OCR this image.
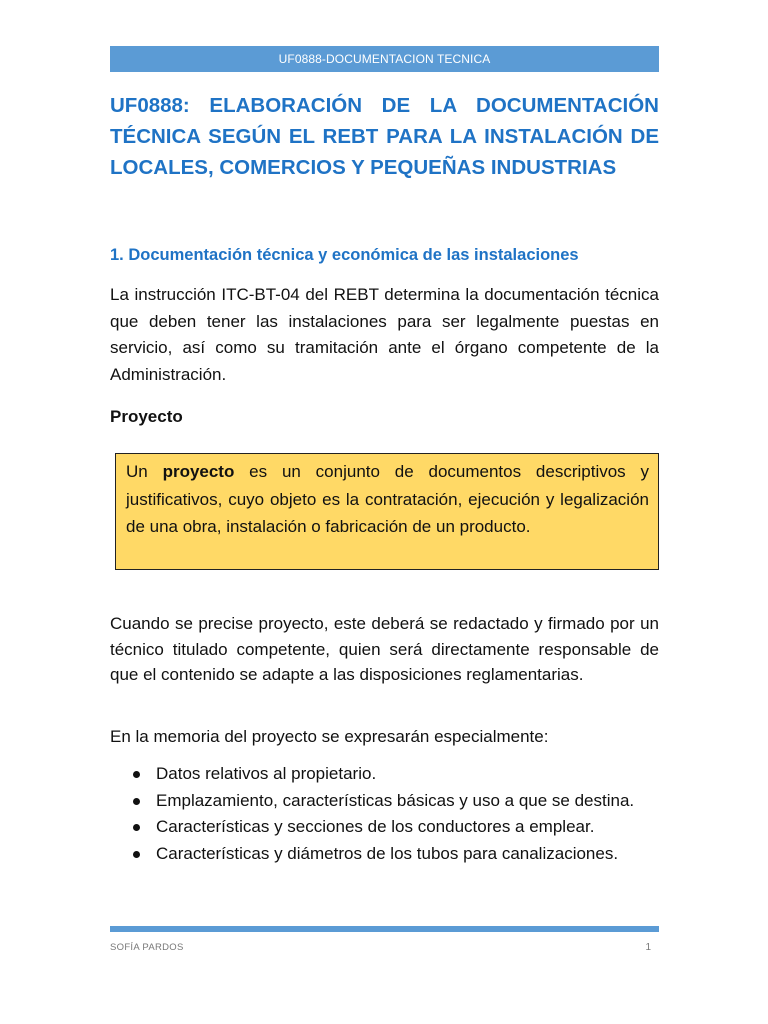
UF0888-DOCUMENTACION TECNICA
UF0888: ELABORACIÓN DE LA DOCUMENTACIÓN TÉCNICA SEGÚN EL REBT PARA LA INSTALACIÓN DE LOCALES, COMERCIOS Y PEQUEÑAS INDUSTRIAS
1. Documentación técnica y económica de las instalaciones

La instrucción ITC-BT-04 del REBT determina la documentación técnica que deben tener las instalaciones para ser legalmente puestas en servicio, así como su tramitación ante el órgano competente de la Administración.

Proyecto
Un proyecto es un conjunto de documentos descriptivos y justificativos, cuyo objeto es la contratación, ejecución y legalización de una obra, instalación o fabricación de un producto.

Cuando se precise proyecto, este deberá se redactado y firmado por un técnico titulado competente, quien será directamente responsable de que el contenido se adapte a las disposiciones reglamentarias.

En la memoria del proyecto se expresarán especialmente:

Datos relativos al propietario.
Emplazamiento, características básicas y uso a que se destina.
Características y secciones de los conductores a emplear.
Características y diámetros de los tubos para canalizaciones.
SOFÍA PARDOS	1
